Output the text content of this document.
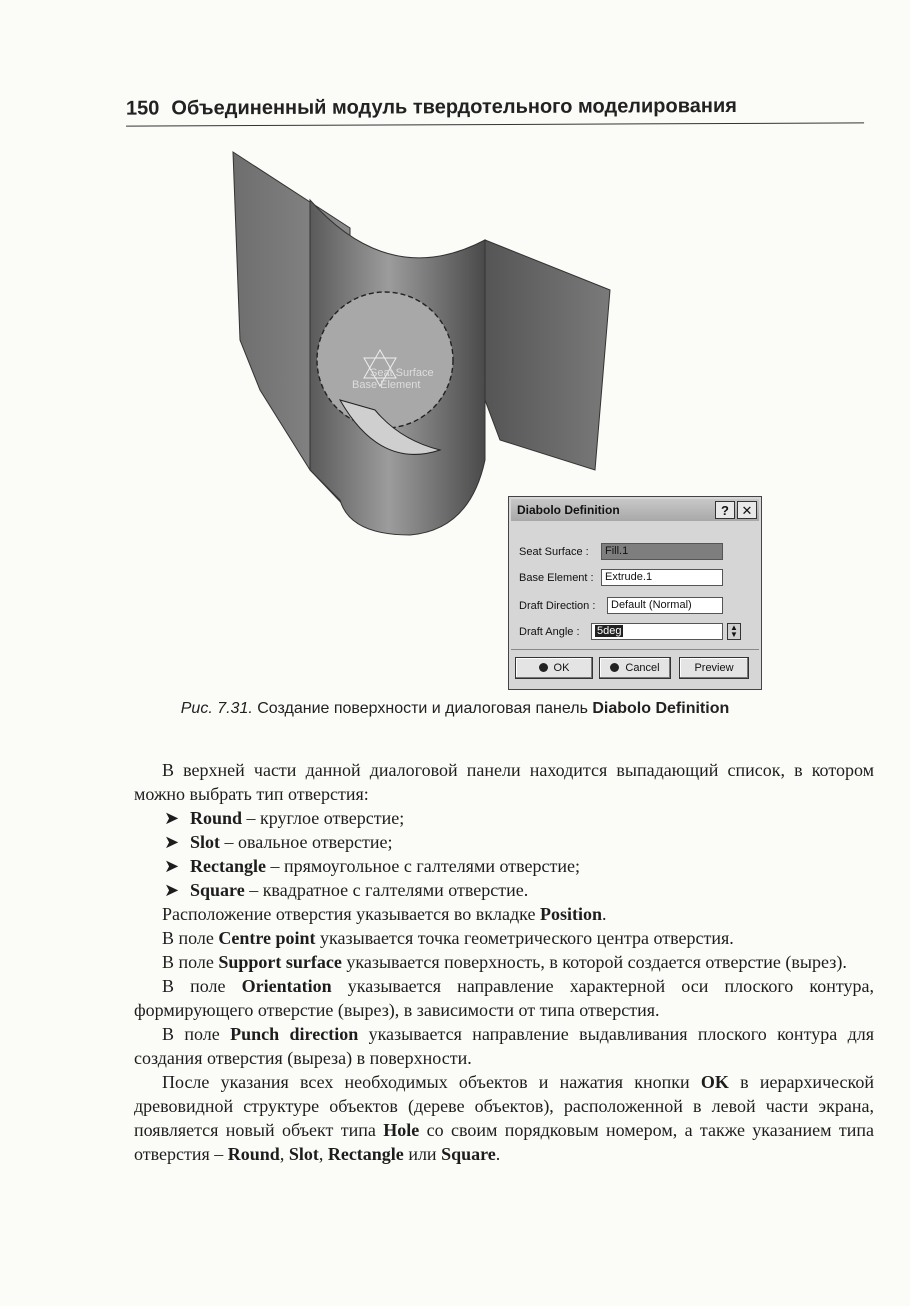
150 Объединенный модуль твердотельного моделирования
Seat Surface
Base Element
Diabolo Definition	? ✕
Seat Surface :	Fill.1
Base Element :	Extrude.1
Draft Direction :	Default (Normal)
Draft Angle :	5deg	▲
▼
OK	Cancel	Preview
Рис. 7.31. Создание поверхности и диалоговая панель Diabolo Definition

В верхней части данной диалоговой панели находится выпадающий список, в котором можно выбрать тип отверстия:

➤ Round – круглое отверстие;
➤ Slot – овальное отверстие;
➤ Rectangle – прямоугольное с галтелями отверстие;
➤ Square – квадратное с галтелями отверстие.

Расположение отверстия указывается во вкладке Position.

В поле Centre point указывается точка геометрического центра отверстия.

В поле Support surface указывается поверхность, в которой создается отверстие (вырез).

В поле Orientation указывается направление характерной оси плоского контура, формирующего отверстие (вырез), в зависимости от типа отверстия.

В поле Punch direction указывается направление выдавливания плоского контура для создания отверстия (выреза) в поверхности.

После указания всех необходимых объектов и нажатия кнопки OK в иерархической древовидной структуре объектов (дереве объектов), расположенной в левой части экрана, появляется новый объект типа Hole со своим порядковым номером, а также указанием типа отверстия – Round, Slot, Rectangle или Square.
